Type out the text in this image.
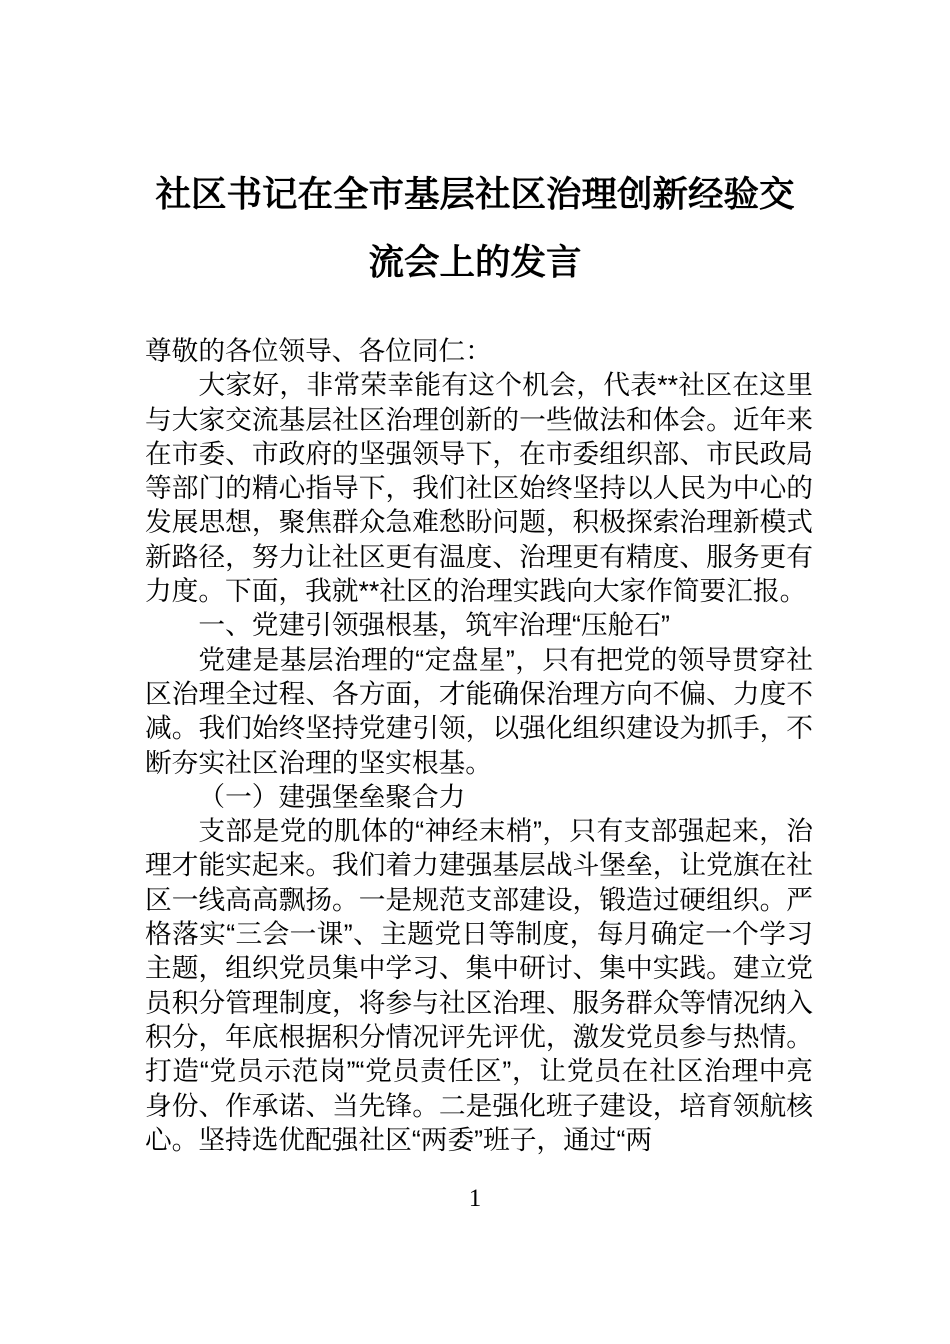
社区书记在全市基层社区治理创新经验交流会上的发言

尊敬的各位领导、各位同仁：

大家好，非常荣幸能有这个机会，代表**社区在这里与大家交流基层社区治理创新的一些做法和体会。近年来在市委、市政府的坚强领导下，在市委组织部、市民政局等部门的精心指导下，我们社区始终坚持以人民为中心的发展思想，聚焦群众急难愁盼问题，积极探索治理新模式新路径，努力让社区更有温度、治理更有精度、服务更有力度。下面，我就**社区的治理实践向大家作简要汇报。

一、党建引领强根基，筑牢治理“压舱石”

党建是基层治理的“定盘星”，只有把党的领导贯穿社区治理全过程、各方面，才能确保治理方向不偏、力度不减。我们始终坚持党建引领，以强化组织建设为抓手，不断夯实社区治理的坚实根基。

（一）建强堡垒聚合力

支部是党的肌体的“神经末梢”，只有支部强起来，治理才能实起来。我们着力建强基层战斗堡垒，让党旗在社区一线高高飘扬。一是规范支部建设，锻造过硬组织。严格落实“三会一课”、主题党日等制度，每月确定一个学习主题，组织党员集中学习、集中研讨、集中实践。建立党员积分管理制度，将参与社区治理、服务群众等情况纳入积分，年底根据积分情况评先评优，激发党员参与热情。打造“党员示范岗”“党员责任区”，让党员在社区治理中亮身份、作承诺、当先锋。二是强化班子建设，培育领航核心。坚持选优配强社区“两委”班子，通过“两

1
